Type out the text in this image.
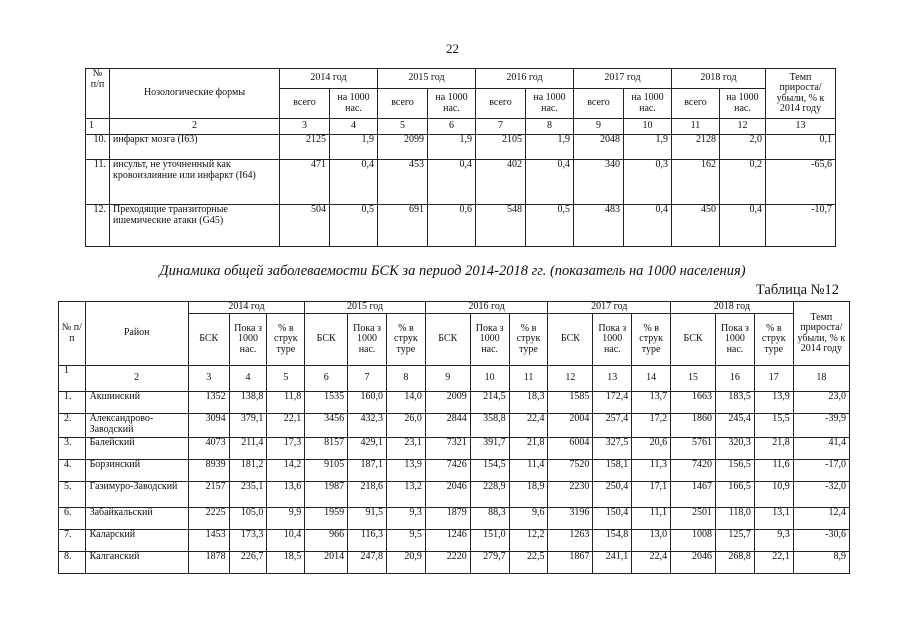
22
№ п/п	Нозологические формы	2014 год		2015 год		2016 год		2017 год		2018 год		Темп прироста/ убыли, % к 2014 году
		всего	на 1000 нас.	всего	на 1000 нас.	всего	на 1000 нас.	всего	на 1000 нас.	всего	на 1000 нас.	
1	2	3	4	5	6	7	8	9	10	11	12	13
10.	инфаркт мозга (I63)	2125	1,9	2099	1,9	2105	1,9	2048	1,9	2128	2,0	0,1
11.	инсульт, не уточненный как кровоизлияние или инфаркт (I64)	471	0,4	453	0,4	402	0,4	340	0,3	162	0,2	-65,6
12.	Преходящие транзиторные ишемические атаки (G45)	504	0,5	691	0,6	548	0,5	483	0,4	450	0,4	-10,7
Динамика общей заболеваемости БСК за период 2014-2018 гг. (показатель на 1000 населения)
Таблица №12
№ п/п	Район	2014 год			2015 год			2016 год			2017 год			2018 год			Темп прироста/ убыли, % к 2014 году
		БСК	Пока з 1000 нас.	% в струк туре	БСК	Пока з 1000 нас.	% в струк туре	БСК	Пока з 1000 нас.	% в струк туре	БСК	Пока з 1000 нас.	% в струк туре	БСК	Пока з 1000 нас.	% в струк туре	
1	2	3	4	5	6	7	8	9	10	11	12	13	14	15	16	17	18
1.	Акшинский	1352	138,8	11,8	1535	160,0	14,0	2009	214,5	18,3	1585	172,4	13,7	1663	183,5	13,9	23,0
2.	Александрово-Заводский	3094	379,1	22,1	3456	432,3	26,0	2844	358,8	22,4	2004	257,4	17,2	1860	245,4	15,5	-39,9
3.	Балейский	4073	211,4	17,3	8157	429,1	23,1	7321	391,7	21,8	6004	327,5	20,6	5761	320,3	21,8	41,4
4.	Борзинский	8939	181,2	14,2	9105	187,1	13,9	7426	154,5	11,4	7520	158,1	11,3	7420	156,5	11,6	-17,0
5.	Газимуро-Заводский	2157	235,1	13,6	1987	218,6	13,2	2046	228,9	18,9	2230	250,4	17,1	1467	166,5	10,9	-32,0
6.	Забайкальский	2225	105,0	9,9	1959	91,5	9,3	1879	88,3	9,6	3196	150,4	11,1	2501	118,0	13,1	12,4
7.	Каларский	1453	173,3	10,4	966	116,3	9,5	1246	151,0	12,2	1263	154,8	13,0	1008	125,7	9,3	-30,6
8.	Калганский	1878	226,7	18,5	2014	247,8	20,9	2220	279,7	22,5	1867	241,1	22,4	2046	268,8	22,1	8,9
